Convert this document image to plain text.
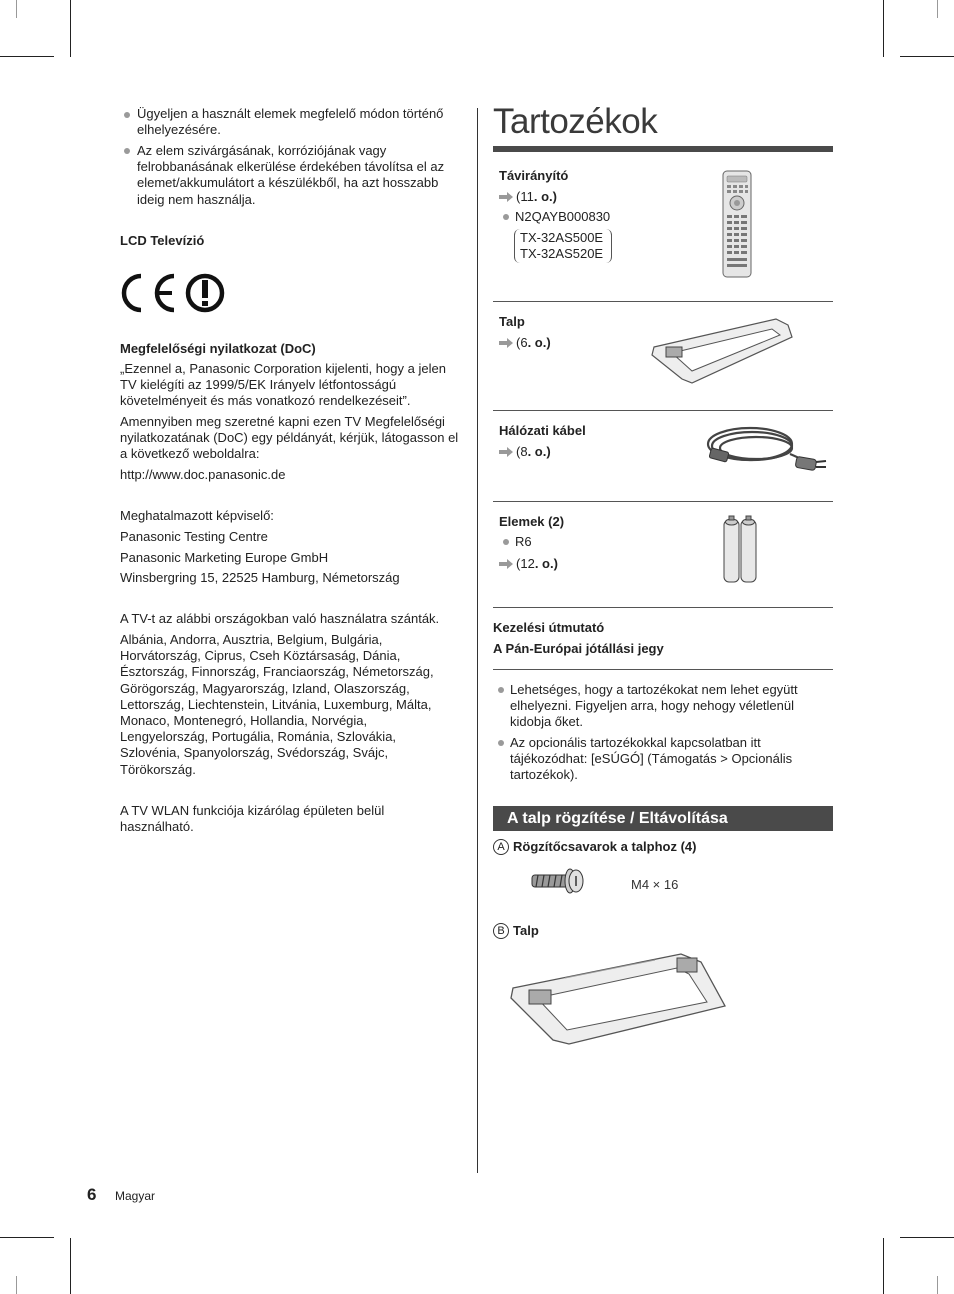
Ügyeljen a használt elemek megfelelő módon történő elhelyezésére.
Az elem szivárgásának, korróziójának vagy felrobbanásának elkerülése érdekében távolítsa el az elemet/akkumulátort a készülékből, ha azt hosszabb ideig nem használja.
LCD Televízió
Megfelelőségi nyilatkozat (DoC)
„Ezennel a, Panasonic Corporation kijelenti, hogy a jelen TV kielégíti az 1999/5/EK Irányelv létfontosságú követelményeit és más vonatkozó rendelkezéseit”.
Amennyiben meg szeretné kapni ezen TV Megfelelőségi nyilatkozatának (DoC) egy példányát, kérjük, látogasson el a következő weboldalra:
http://www.doc.panasonic.de
Meghatalmazott képviselő:
Panasonic Testing Centre
Panasonic Marketing Europe GmbH
Winsbergring 15, 22525 Hamburg, Németország
A TV-t az alábbi országokban való használatra szánták.
Albánia, Andorra, Ausztria, Belgium, Bulgária, Horvátország, Ciprus, Cseh Köztársaság, Dánia, Észtország, Finnország, Franciaország, Németország, Görögország, Magyarország, Izland, Olaszország, Lettország, Liechtenstein, Litvánia, Luxemburg, Málta, Monaco, Montenegró, Hollandia, Norvégia, Lengyelország, Portugália, Románia, Szlovákia, Szlovénia, Spanyolország, Svédország, Svájc, Törökország.
A TV WLAN funkciója kizárólag épületen belül használható.
Tartozékok
Távirányító
(11. o.)
N2QAYB000830
TX-32AS500E
TX-32AS520E
Talp
(6. o.)
Hálózati kábel
(8. o.)
Elemek (2)
R6
(12. o.)
Kezelési útmutató
A Pán-Európai jótállási jegy
Lehetséges, hogy a tartozékokat nem lehet együtt elhelyezni. Figyeljen arra, hogy nehogy véletlenül kidobja őket.
Az opcionális tartozékokkal kapcsolatban itt tájékozódhat: [eSÚGÓ] (Támogatás > Opcionális tartozékok).
A talp rögzítése / Eltávolítása
A Rögzítőcsavarok a talphoz (4)
M4 × 16
B Talp
6 Magyar
